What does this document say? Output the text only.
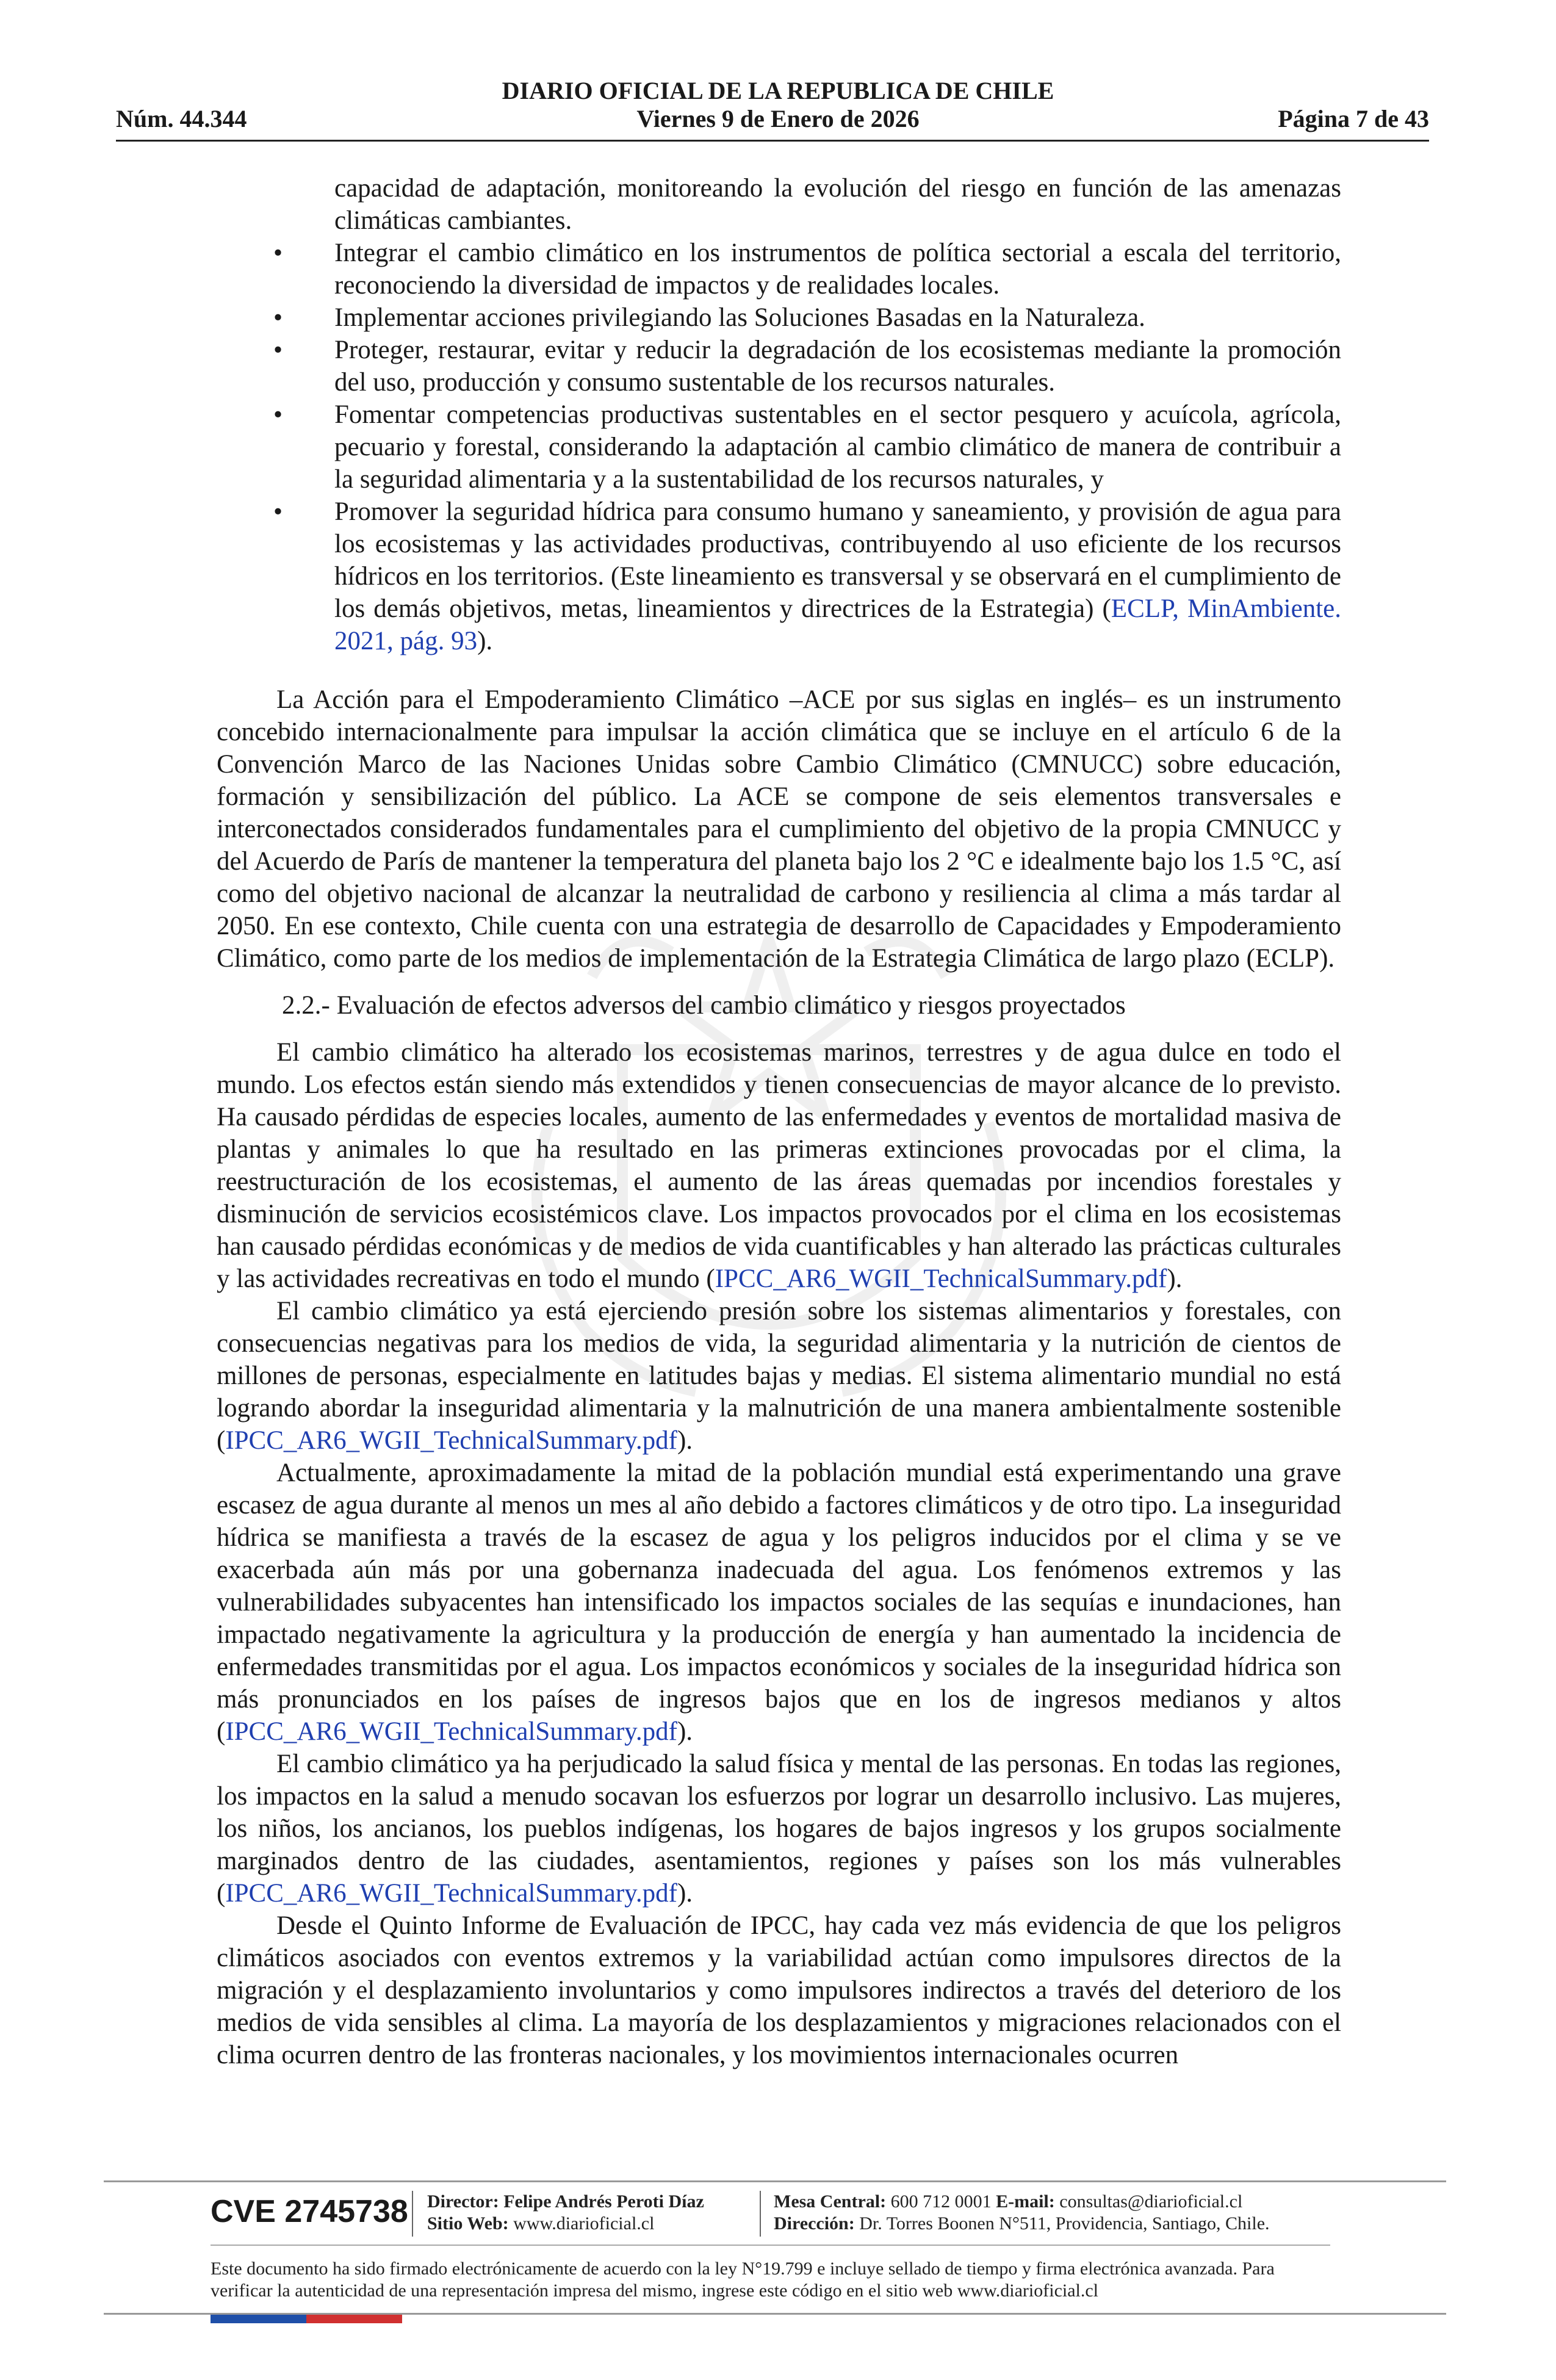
DIARIO OFICIAL DE LA REPUBLICA DE CHILE
Núm. 44.344	Viernes 9 de Enero de 2026	Página 7 de 43

capacidad de adaptación, monitoreando la evolución del riesgo en función de las amenazas climáticas cambiantes.

• Integrar el cambio climático en los instrumentos de política sectorial a escala del territorio, reconociendo la diversidad de impactos y de realidades locales.

• Implementar acciones privilegiando las Soluciones Basadas en la Naturaleza.

• Proteger, restaurar, evitar y reducir la degradación de los ecosistemas mediante la promoción del uso, producción y consumo sustentable de los recursos naturales.

• Fomentar competencias productivas sustentables en el sector pesquero y acuícola, agrícola, pecuario y forestal, considerando la adaptación al cambio climático de manera de contribuir a la seguridad alimentaria y a la sustentabilidad de los recursos naturales, y

• Promover la seguridad hídrica para consumo humano y saneamiento, y provisión de agua para los ecosistemas y las actividades productivas, contribuyendo al uso eficiente de los recursos hídricos en los territorios. (Este lineamiento es transversal y se observará en el cumplimiento de los demás objetivos, metas, lineamientos y directrices de la Estrategia) (ECLP, MinAmbiente. 2021, pág. 93).

La Acción para el Empoderamiento Climático –ACE por sus siglas en inglés– es un instrumento concebido internacionalmente para impulsar la acción climática que se incluye en el artículo 6 de la Convención Marco de las Naciones Unidas sobre Cambio Climático (CMNUCC) sobre educación, formación y sensibilización del público. La ACE se compone de seis elementos transversales e interconectados considerados fundamentales para el cumplimiento del objetivo de la propia CMNUCC y del Acuerdo de París de mantener la temperatura del planeta bajo los 2 °C e idealmente bajo los 1.5 °C, así como del objetivo nacional de alcanzar la neutralidad de carbono y resiliencia al clima a más tardar al 2050. En ese contexto, Chile cuenta con una estrategia de desarrollo de Capacidades y Empoderamiento Climático, como parte de los medios de implementación de la Estrategia Climática de largo plazo (ECLP).

2.2.- Evaluación de efectos adversos del cambio climático y riesgos proyectados

El cambio climático ha alterado los ecosistemas marinos, terrestres y de agua dulce en todo el mundo. Los efectos están siendo más extendidos y tienen consecuencias de mayor alcance de lo previsto. Ha causado pérdidas de especies locales, aumento de las enfermedades y eventos de mortalidad masiva de plantas y animales lo que ha resultado en las primeras extinciones provocadas por el clima, la reestructuración de los ecosistemas, el aumento de las áreas quemadas por incendios forestales y disminución de servicios ecosistémicos clave. Los impactos provocados por el clima en los ecosistemas han causado pérdidas económicas y de medios de vida cuantificables y han alterado las prácticas culturales y las actividades recreativas en todo el mundo (IPCC_AR6_WGII_TechnicalSummary.pdf).

El cambio climático ya está ejerciendo presión sobre los sistemas alimentarios y forestales, con consecuencias negativas para los medios de vida, la seguridad alimentaria y la nutrición de cientos de millones de personas, especialmente en latitudes bajas y medias. El sistema alimentario mundial no está logrando abordar la inseguridad alimentaria y la malnutrición de una manera ambientalmente sostenible (IPCC_AR6_WGII_TechnicalSummary.pdf).

Actualmente, aproximadamente la mitad de la población mundial está experimentando una grave escasez de agua durante al menos un mes al año debido a factores climáticos y de otro tipo. La inseguridad hídrica se manifiesta a través de la escasez de agua y los peligros inducidos por el clima y se ve exacerbada aún más por una gobernanza inadecuada del agua. Los fenómenos extremos y las vulnerabilidades subyacentes han intensificado los impactos sociales de las sequías e inundaciones, han impactado negativamente la agricultura y la producción de energía y han aumentado la incidencia de enfermedades transmitidas por el agua. Los impactos económicos y sociales de la inseguridad hídrica son más pronunciados en los países de ingresos bajos que en los de ingresos medianos y altos (IPCC_AR6_WGII_TechnicalSummary.pdf).

El cambio climático ya ha perjudicado la salud física y mental de las personas. En todas las regiones, los impactos en la salud a menudo socavan los esfuerzos por lograr un desarrollo inclusivo. Las mujeres, los niños, los ancianos, los pueblos indígenas, los hogares de bajos ingresos y los grupos socialmente marginados dentro de las ciudades, asentamientos, regiones y países son los más vulnerables (IPCC_AR6_WGII_TechnicalSummary.pdf).

Desde el Quinto Informe de Evaluación de IPCC, hay cada vez más evidencia de que los peligros climáticos asociados con eventos extremos y la variabilidad actúan como impulsores directos de la migración y el desplazamiento involuntarios y como impulsores indirectos a través del deterioro de los medios de vida sensibles al clima. La mayoría de los desplazamientos y migraciones relacionados con el clima ocurren dentro de las fronteras nacionales, y los movimientos internacionales ocurren

CVE 2745738 Director: Felipe Andrés Peroti Díaz
Sitio Web: www.diarioficial.cl
Mesa Central: 600 712 0001 E-mail: consultas@diarioficial.cl
Dirección: Dr. Torres Boonen N°511, Providencia, Santiago, Chile.
Este documento ha sido firmado electrónicamente de acuerdo con la ley N°19.799 e incluye sellado de tiempo y firma electrónica avanzada. Para verificar la autenticidad de una representación impresa del mismo, ingrese este código en el sitio web www.diarioficial.cl
